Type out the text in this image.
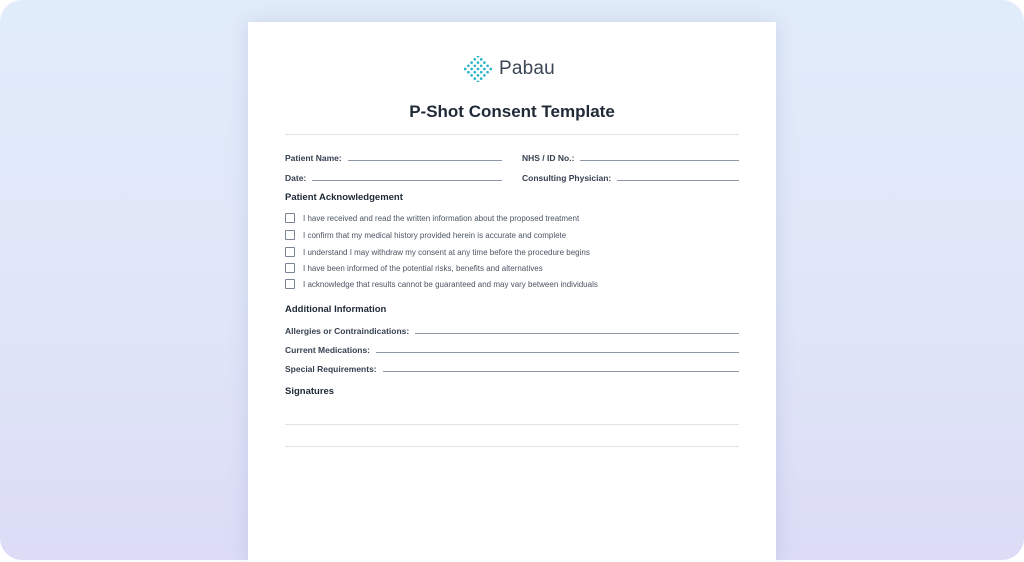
Pabau
P-Shot Consent Template
Patient Name:	NHS / ID No.:
Date:	Consulting Physician:
Patient Acknowledgement
I have received and read the written information about the proposed treatment
I confirm that my medical history provided herein is accurate and complete
I understand I may withdraw my consent at any time before the procedure begins
I have been informed of the potential risks, benefits and alternatives
I acknowledge that results cannot be guaranteed and may vary between individuals
Additional Information
Allergies or Contraindications:
Current Medications:
Special Requirements:
Signatures
